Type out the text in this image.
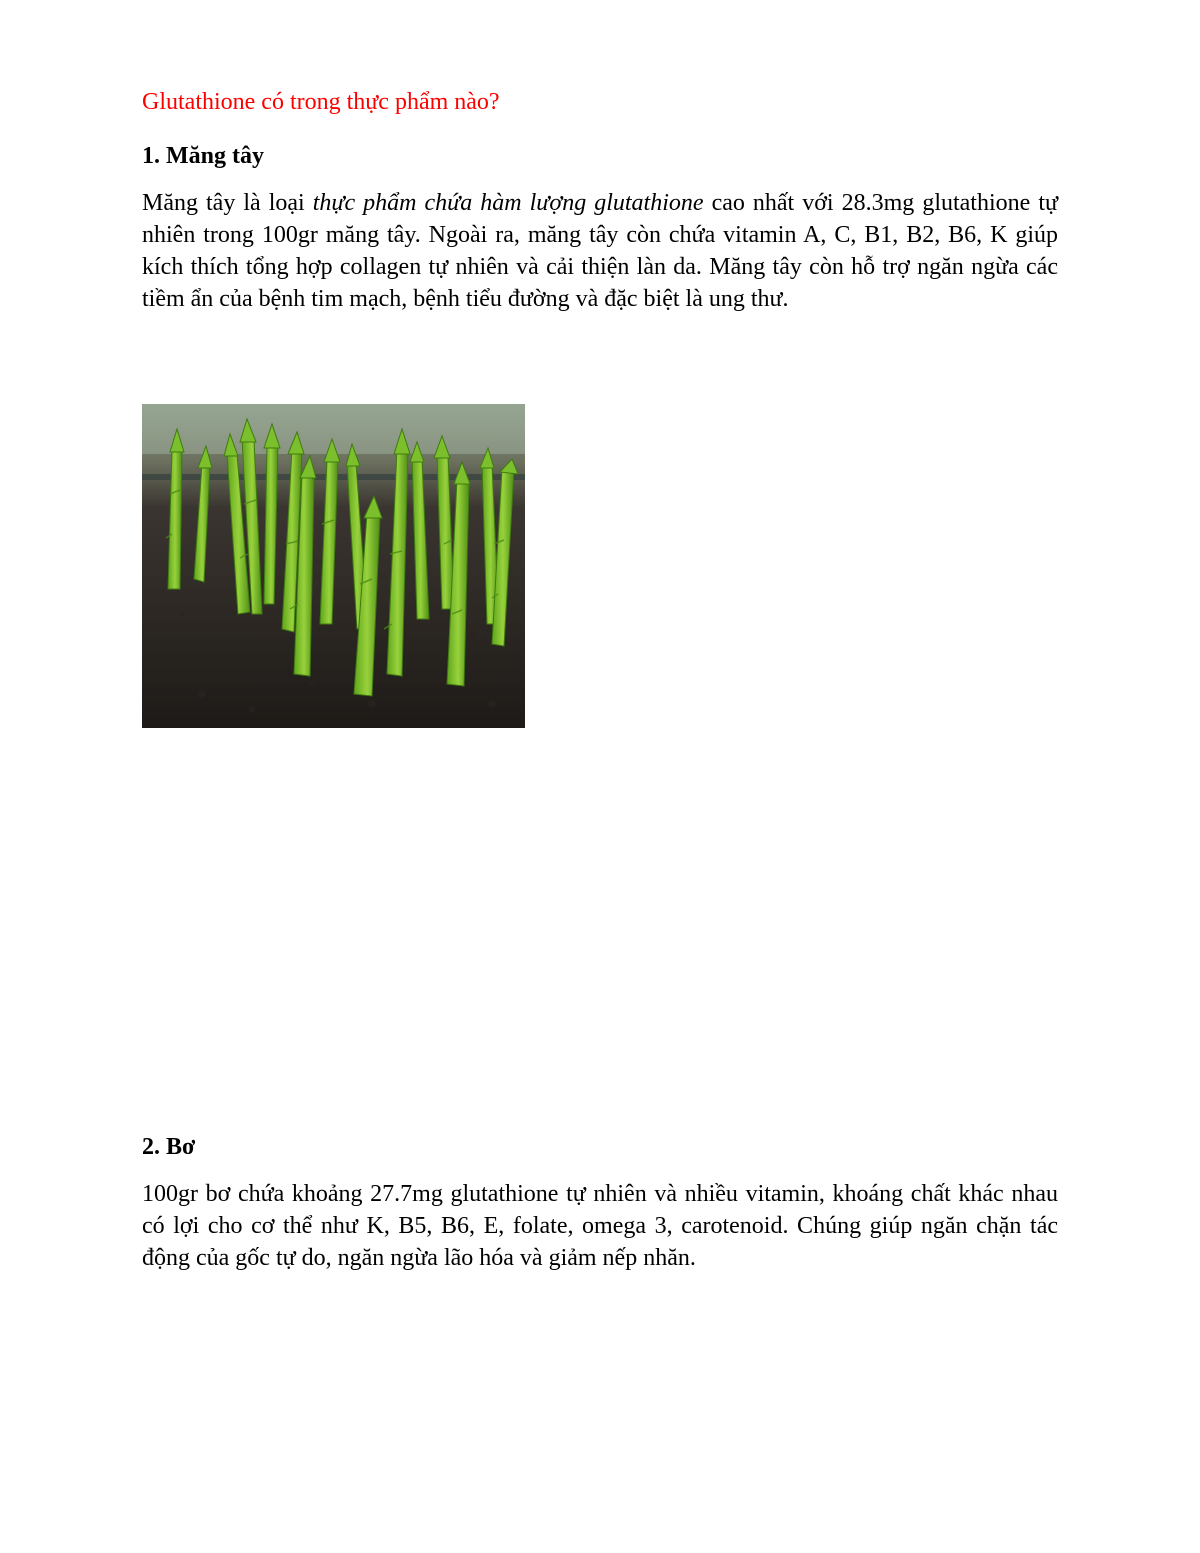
Glutathione có trong thực phẩm nào?
1. Măng tây

Măng tây là loại thực phẩm chứa hàm lượng glutathione cao nhất với 28.3mg glutathione tự nhiên trong 100gr măng tây. Ngoài ra, măng tây còn chứa vitamin A, C, B1, B2, B6, K giúp kích thích tổng hợp collagen tự nhiên và cải thiện làn da. Măng tây còn hỗ trợ ngăn ngừa các tiềm ẩn của bệnh tim mạch, bệnh tiểu đường và đặc biệt là ung thư.

2. Bơ

100gr bơ chứa khoảng 27.7mg glutathione tự nhiên và nhiều vitamin, khoáng chất khác nhau có lợi cho cơ thể như K, B5, B6, E, folate, omega 3, carotenoid. Chúng giúp ngăn chặn tác động của gốc tự do, ngăn ngừa lão hóa và giảm nếp nhăn.
